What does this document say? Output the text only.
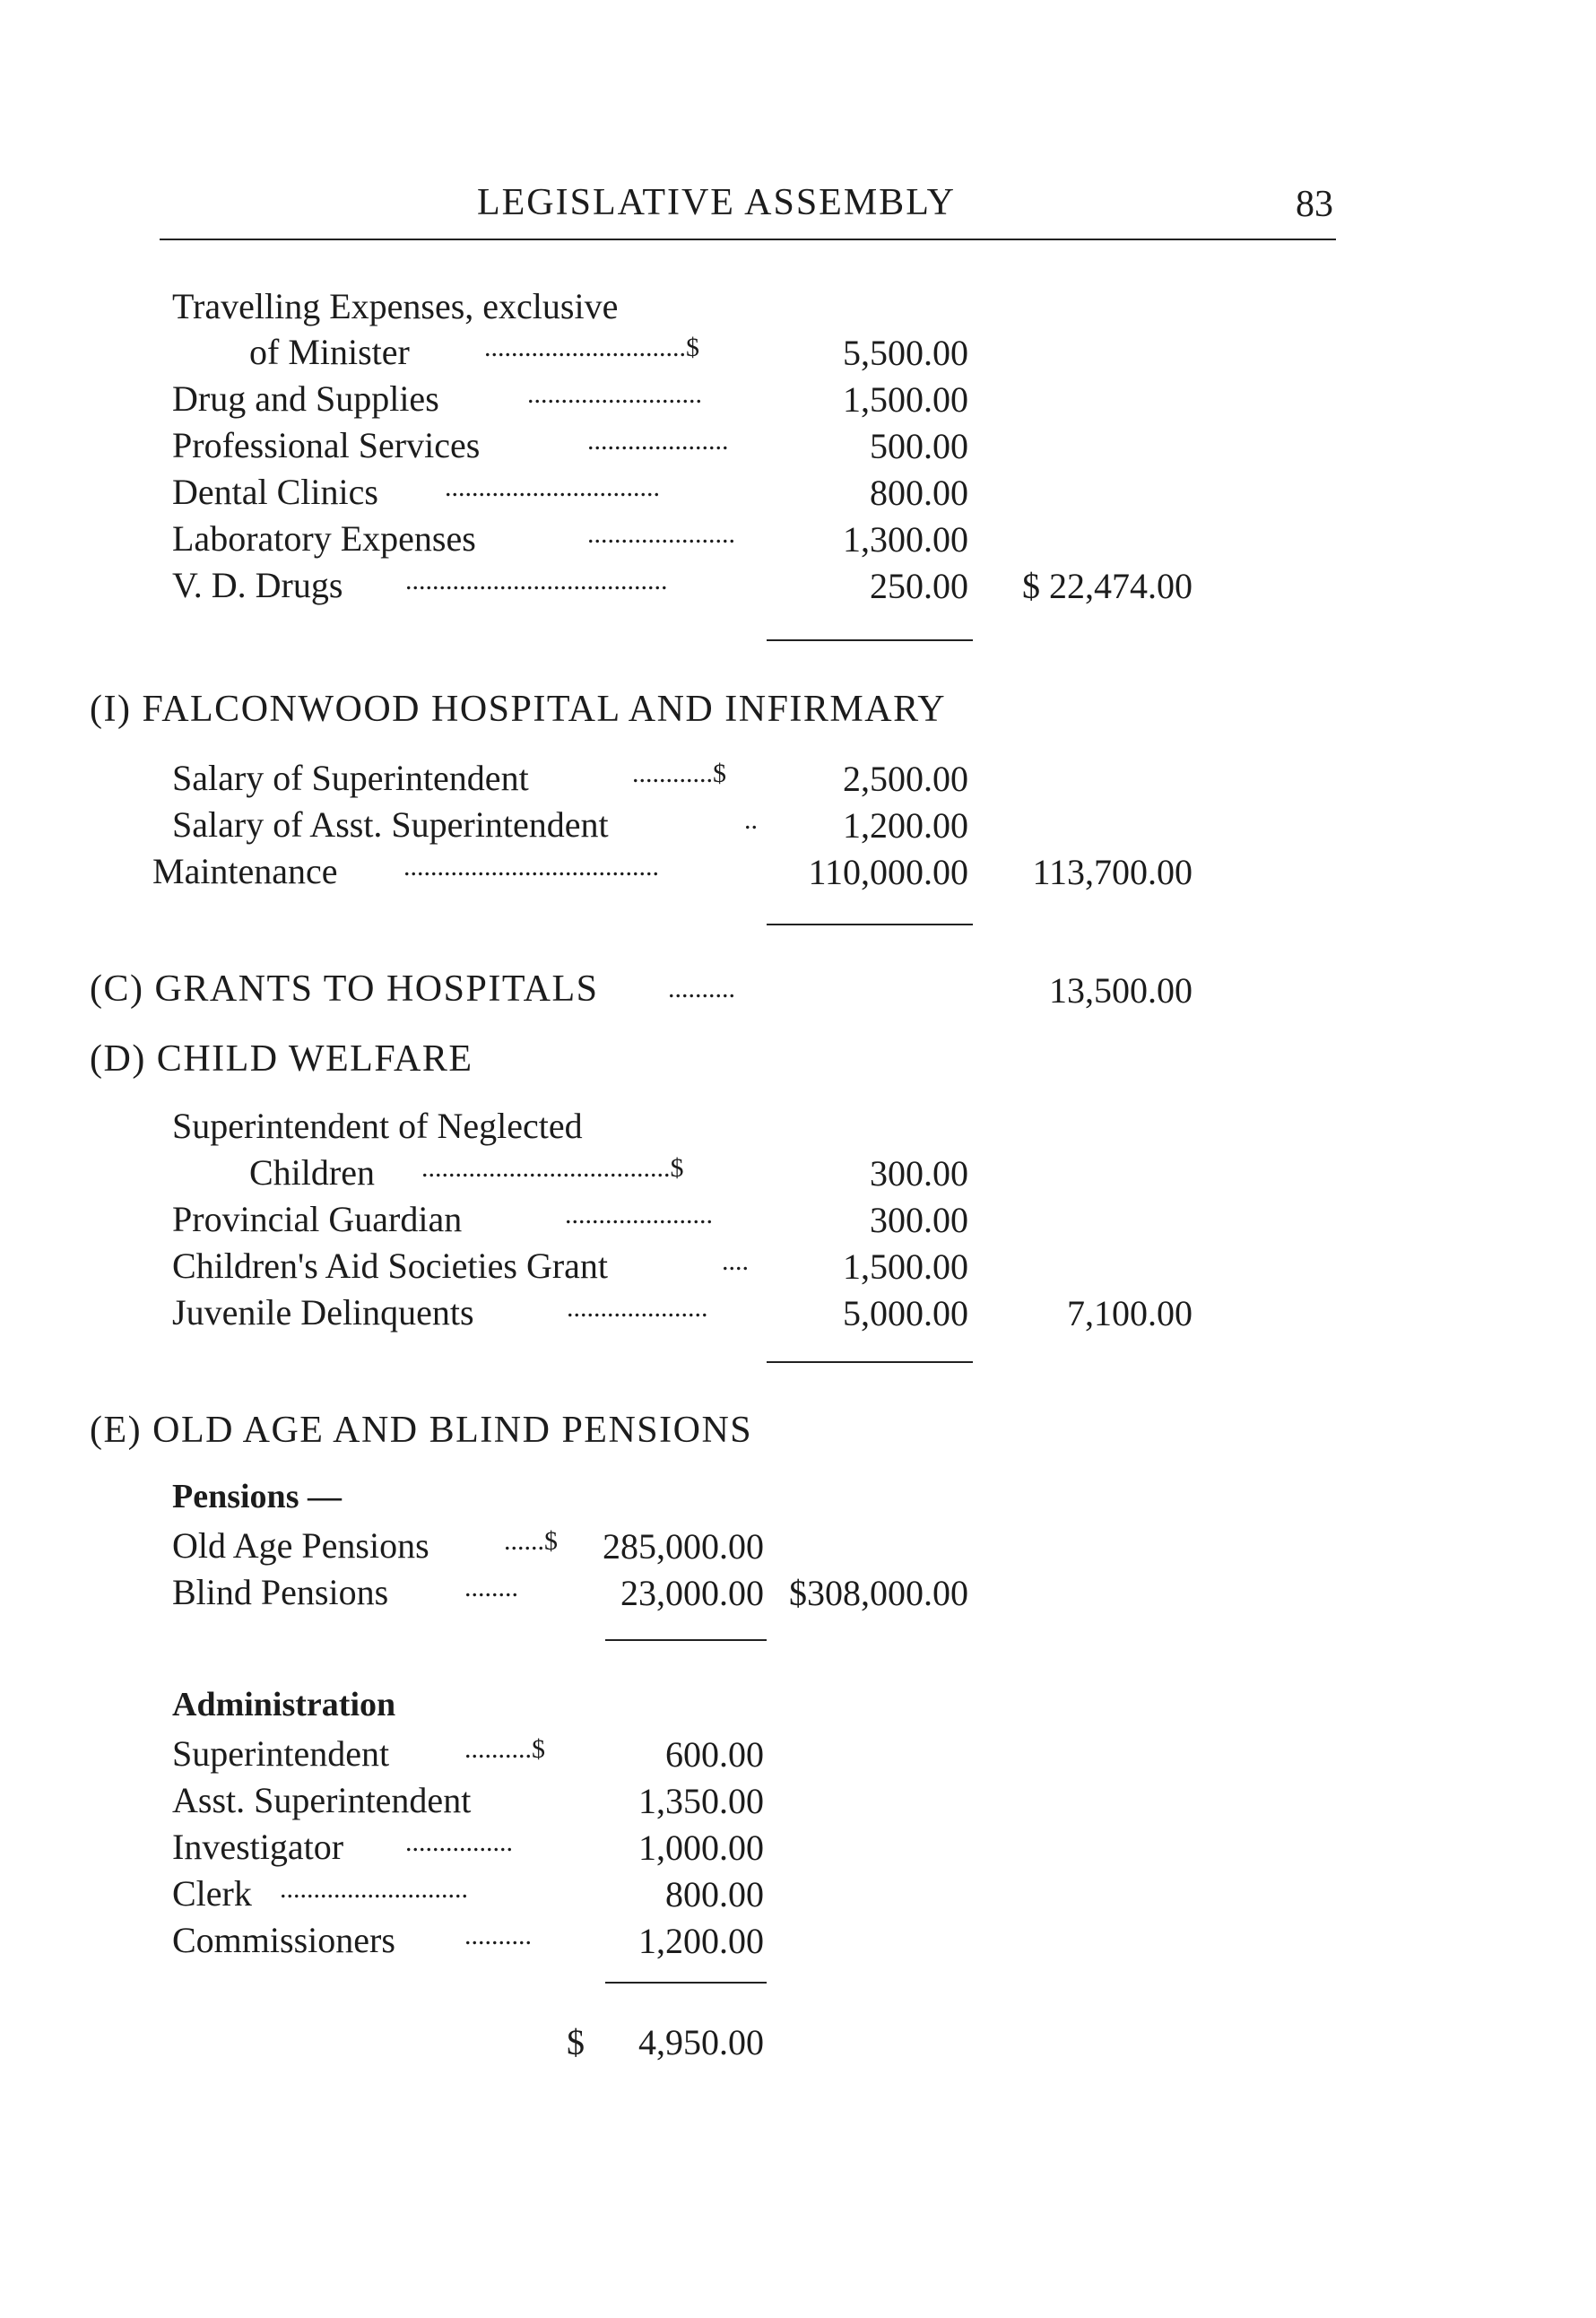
LEGISLATIVE ASSEMBLY	83
Travelling Expenses, exclusive
of Minister	..............................$	5,500.00
Drug and Supplies	..........................	1,500.00
Professional Services	.....................	500.00
Dental Clinics ................................	800.00
Laboratory Expenses	......................	1,300.00
V. D. Drugs .......................................	250.00 $ 22,474.00
(I) FALCONWOOD HOSPITAL AND INFIRMARY
Salary of Superintendent	............$	2,500.00
Salary of Asst. Superintendent	.. 1,200.00
Maintenance ......................................	110,000.00 113,700.00
(C) GRANTS TO HOSPITALS	..........	13,500.00
(D) CHILD WELFARE
Superintendent of Neglected
Children .....................................$	300.00
Provincial Guardian	......................	300.00
Children's Aid Societies Grant	....	1,500.00
Juvenile Delinquents	.....................	5,000.00	7,100.00
(E) OLD AGE AND BLIND PENSIONS
Pensions —
Old Age Pensions	......$ 285,000.00
Blind Pensions	........	23,000.00 $308,000.00
Administration
Superintendent	..........$	600.00
Asst. Superintendent	1,350.00
Investigator ................	1,000.00
Clerk ............................	800.00
Commissioners	..........	1,200.00
$ 4,950.00
